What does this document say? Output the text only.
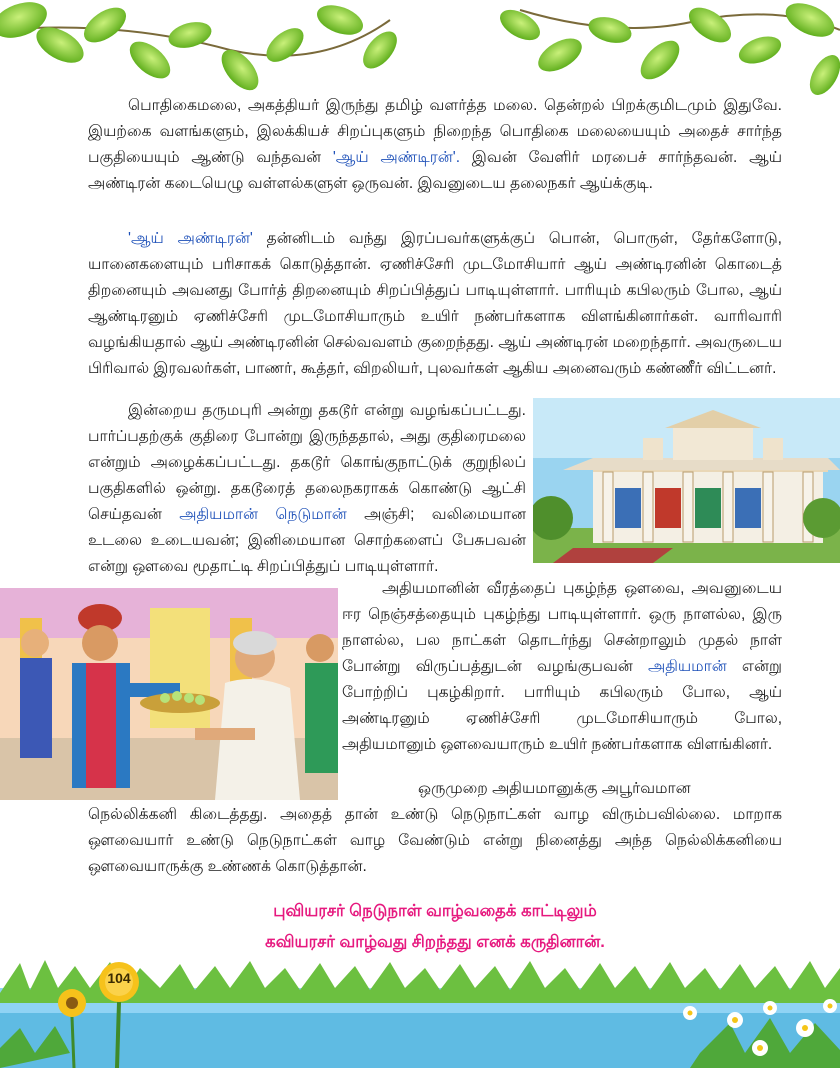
பொதிகைமலை, அகத்தியர் இருந்து தமிழ் வளர்த்த மலை. தென்றல் பிறக்குமிடமும் இதுவே. இயற்கை வளங்களும், இலக்கியச் சிறப்புகளும் நிறைந்த பொதிகை மலையையும் அதைச் சார்ந்த பகுதியையும் ஆண்டு வந்தவன் 'ஆய் அண்டிரன்'. இவன் வேளிர் மரபைச் சார்ந்தவன். ஆய் அண்டிரன் கடையெழு வள்ளல்களுள் ஒருவன். இவனுடைய தலைநகர் ஆய்க்குடி.

'ஆய் அண்டிரன்' தன்னிடம் வந்து இரப்பவர்களுக்குப் பொன், பொருள், தேர்களோடு, யானைகளையும் பரிசாகக் கொடுத்தான். ஏணிச்சேரி முடமோசியார் ஆய் அண்டிரனின் கொடைத் திறனையும் அவனது போர்த் திறனையும் சிறப்பித்துப் பாடியுள்ளார். பாரியும் கபிலரும் போல, ஆய் ஆண்டிரனும் ஏணிச்சேரி முடமோசியாரும் உயிர் நண்பர்களாக விளங்கினார்கள். வாரிவாரி வழங்கியதால் ஆய் அண்டிரனின் செல்வவளம் குறைந்தது. ஆய் அண்டிரன் மறைந்தார். அவருடைய பிரிவால் இரவலர்கள், பாணர், கூத்தர், விறலியர், புலவர்கள் ஆகிய அனைவரும் கண்ணீர் விட்டனர்.

இன்றைய தருமபுரி அன்று தகடூர் என்று வழங்கப்பட்டது. பார்ப்பதற்குக் குதிரை போன்று இருந்ததால், அது குதிரைமலை என்றும் அழைக்கப்பட்டது. தகடூர் கொங்குநாட்டுக் குறுநிலப் பகுதிகளில் ஒன்று. தகடூரைத் தலைநகராகக் கொண்டு ஆட்சி செய்தவன் அதியமான் நெடுமான் அஞ்சி; வலிமையான உடலை உடையவன்; இனிமையான சொற்களைப் பேசுபவன் என்று ஔவை மூதாட்டி சிறப்பித்துப் பாடியுள்ளார்.

அதியமானின் வீரத்தைப் புகழ்ந்த ஔவை, அவனுடைய ஈர நெஞ்சத்தையும் புகழ்ந்து பாடியுள்ளார். ஒரு நாளல்ல, இரு நாளல்ல, பல நாட்கள் தொடர்ந்து சென்றாலும் முதல் நாள் போன்று விருப்பத்துடன் வழங்குபவன் அதியமான் என்று போற்றிப் புகழ்கிறார். பாரியும் கபிலரும் போல, ஆய் அண்டிரனும் ஏணிச்சேரி முடமோசியாரும் போல, அதியமானும் ஔவையாரும் உயிர் நண்பர்களாக விளங்கினர்.

ஒருமுறை அதியமானுக்கு அபூர்வமான
நெல்லிக்கனி கிடைத்தது. அதைத் தான் உண்டு நெடுநாட்கள் வாழ விரும்பவில்லை. மாறாக ஔவையார் உண்டு நெடுநாட்கள் வாழ வேண்டும் என்று நினைத்து அந்த நெல்லிக்கனியை ஔவையாருக்கு உண்ணக் கொடுத்தான்.

புவியரசர் நெடுநாள் வாழ்வதைக் காட்டிலும்
கவியரசர் வாழ்வது சிறந்தது எனக் கருதினான்.
104
